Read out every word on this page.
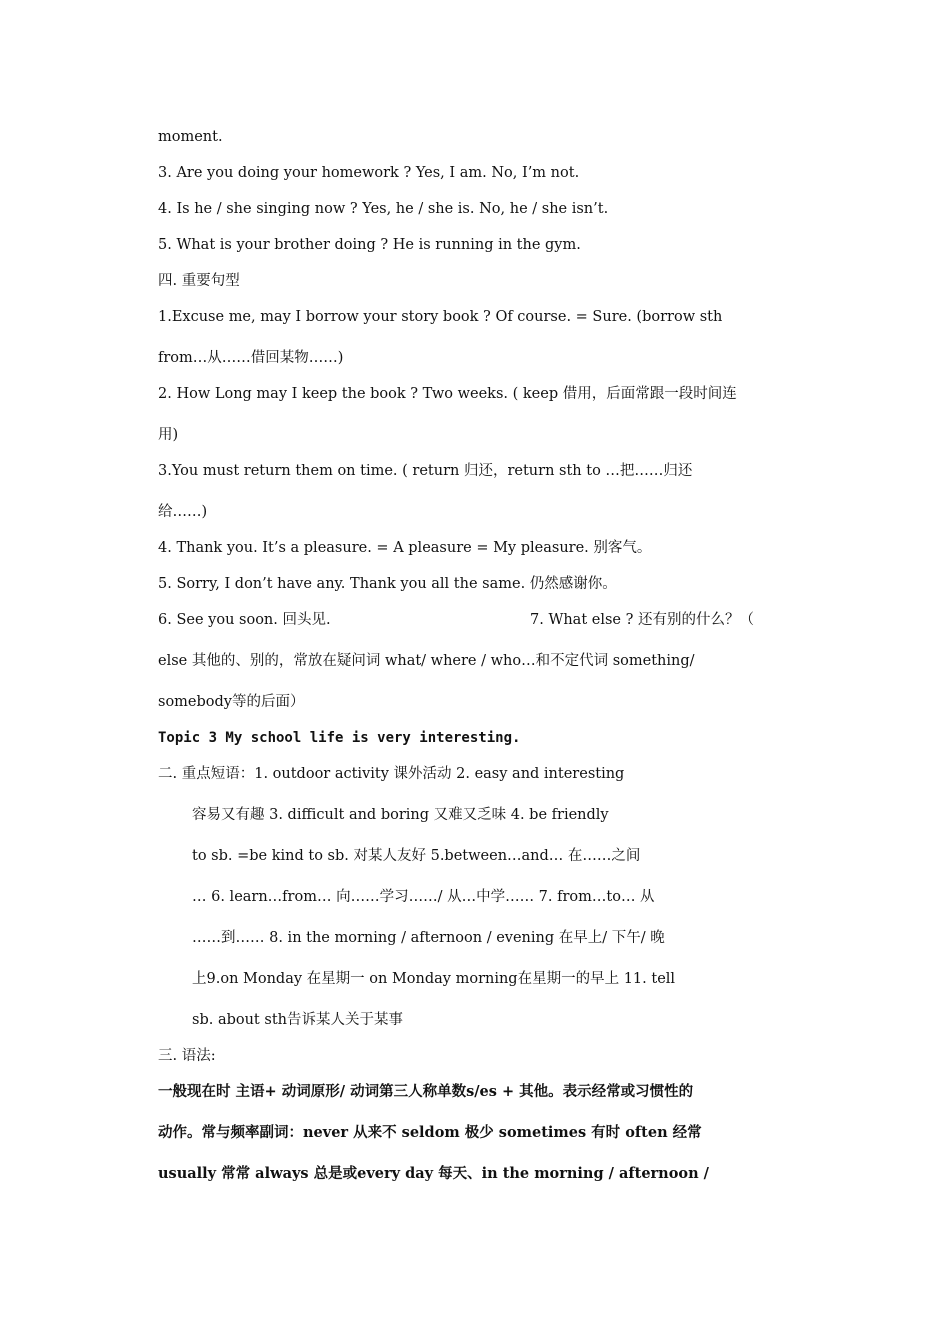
moment.
3. Are you doing your homework ? Yes, I am. No, I’m not.
4. Is he / she singing now ? Yes, he / she is. No, he / she isn’t.
5. What is your brother doing ? He is running in the gym.
四. 重要句型
1.Excuse me, may I borrow your story book ? Of course. = Sure. (borrow sth
from…从……借回某物……)
2. How Long may I keep the book ? Two weeks. ( keep 借用，后面常跟一段时间连
用)
3.You must return them on time. ( return 归还，return sth to …把……归还
给……)
4. Thank you. It’s a pleasure. = A pleasure = My pleasure. 别客气。
5. Sorry, I don’t have any. Thank you all the same. 仍然感谢你。
6. See you soon. 回头见.	7. What else ? 还有别的什么？（
else 其他的、别的，常放在疑问词 what/ where / who…和不定代词 something/
somebody等的后面）
Topic 3 My school life is very interesting.
二. 重点短语：1. outdoor activity 课外活动 2. easy and interesting
容易又有趣 3. difficult and boring 又难又乏味 4. be friendly
to sb. =be kind to sb. 对某人友好 5.between…and… 在……之间
… 6. learn…from… 向……学习……/ 从…中学…… 7. from…to… 从
……到…… 8. in the morning / afternoon / evening 在早上/ 下午/ 晚
上9.on Monday 在星期一 on Monday morning在星期一的早上 11. tell
sb. about sth告诉某人关于某事
三. 语法:
一般现在时 主语+ 动词原形/ 动词第三人称单数s/es + 其他。表示经常或习惯性的
动作。常与频率副词：never 从来不 seldom 极少 sometimes 有时 often 经常
usually 常常 always 总是或every day 每天、in the morning / afternoon /
